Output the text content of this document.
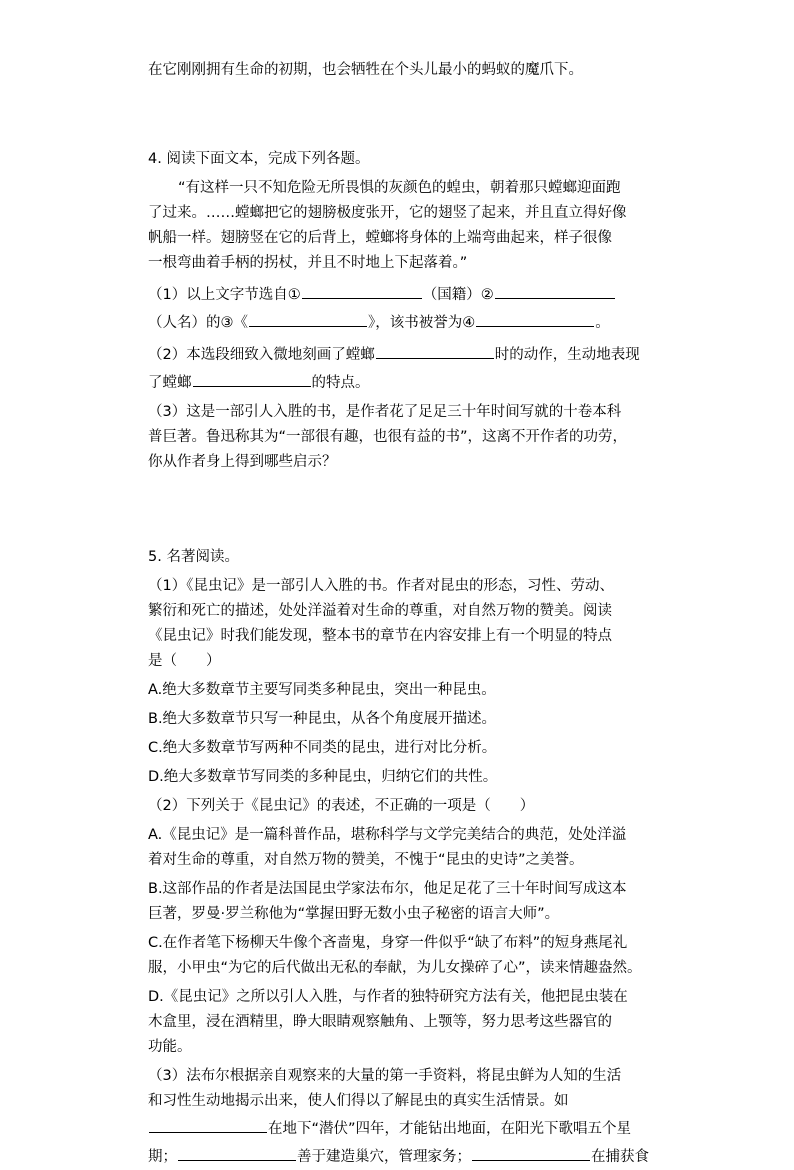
在它刚刚拥有生命的初期，也会牺牲在个头儿最小的蚂蚁的魔爪下。

4. 阅读下面文本，完成下列各题。

“有这样一只不知危险无所畏惧的灰颜色的蝗虫，朝着那只螳螂迎面跑

了过来。……螳螂把它的翅膀极度张开，它的翅竖了起来，并且直立得好像

帆船一样。翅膀竖在它的后背上，螳螂将身体的上端弯曲起来，样子很像

一根弯曲着手柄的拐杖，并且不时地上下起落着。”

（1）以上文字节选自①	（国籍）②

（人名）的③《	》，该书被誉为④	。

（2）本选段细致入微地刻画了螳螂	时的动作，生动地表现

了螳螂	的特点。

（3）这是一部引人入胜的书，是作者花了足足三十年时间写就的十卷本科

普巨著。鲁迅称其为“一部很有趣，也很有益的书”，这离不开作者的功劳，

你从作者身上得到哪些启示？

5. 名著阅读。

（1）《昆虫记》是一部引人入胜的书。作者对昆虫的形态，习性、劳动、

繁衍和死亡的描述，处处洋溢着对生命的尊重，对自然万物的赞美。阅读

《昆虫记》时我们能发现，整本书的章节在内容安排上有一个明显的特点

是（　　）

A.绝大多数章节主要写同类多种昆虫，突出一种昆虫。

B.绝大多数章节只写一种昆虫，从各个角度展开描述。

C.绝大多数章节写两种不同类的昆虫，进行对比分析。

D.绝大多数章节写同类的多种昆虫，归纳它们的共性。

（2）下列关于《昆虫记》的表述，不正确的一项是（　　）

A.《昆虫记》是一篇科普作品，堪称科学与文学完美结合的典范，处处洋溢

着对生命的尊重，对自然万物的赞美，不愧于“昆虫的史诗”之美誉。

B.这部作品的作者是法国昆虫学家法布尔，他足足花了三十年时间写成这本

巨著，罗曼·罗兰称他为“掌握田野无数小虫子秘密的语言大师”。

C.在作者笔下杨柳天牛像个吝啬鬼，身穿一件似乎“缺了布料”的短身燕尾礼

服，小甲虫“为它的后代做出无私的奉献，为儿女操碎了心”，读来情趣盎然。

D.《昆虫记》之所以引人入胜，与作者的独特研究方法有关，他把昆虫装在

木盒里，浸在酒精里，睁大眼睛观察触角、上颚等，努力思考这些器官的

功能。

（3）法布尔根据亲自观察来的大量的第一手资料，将昆虫鲜为人知的生活

和习性生动地揭示出来，使人们得以了解昆虫的真实生活情景。如

在地下“潜伏”四年，才能钻出地面，在阳光下歌唱五个星

期；	善于建造巢穴，管理家务；	在捕获食
